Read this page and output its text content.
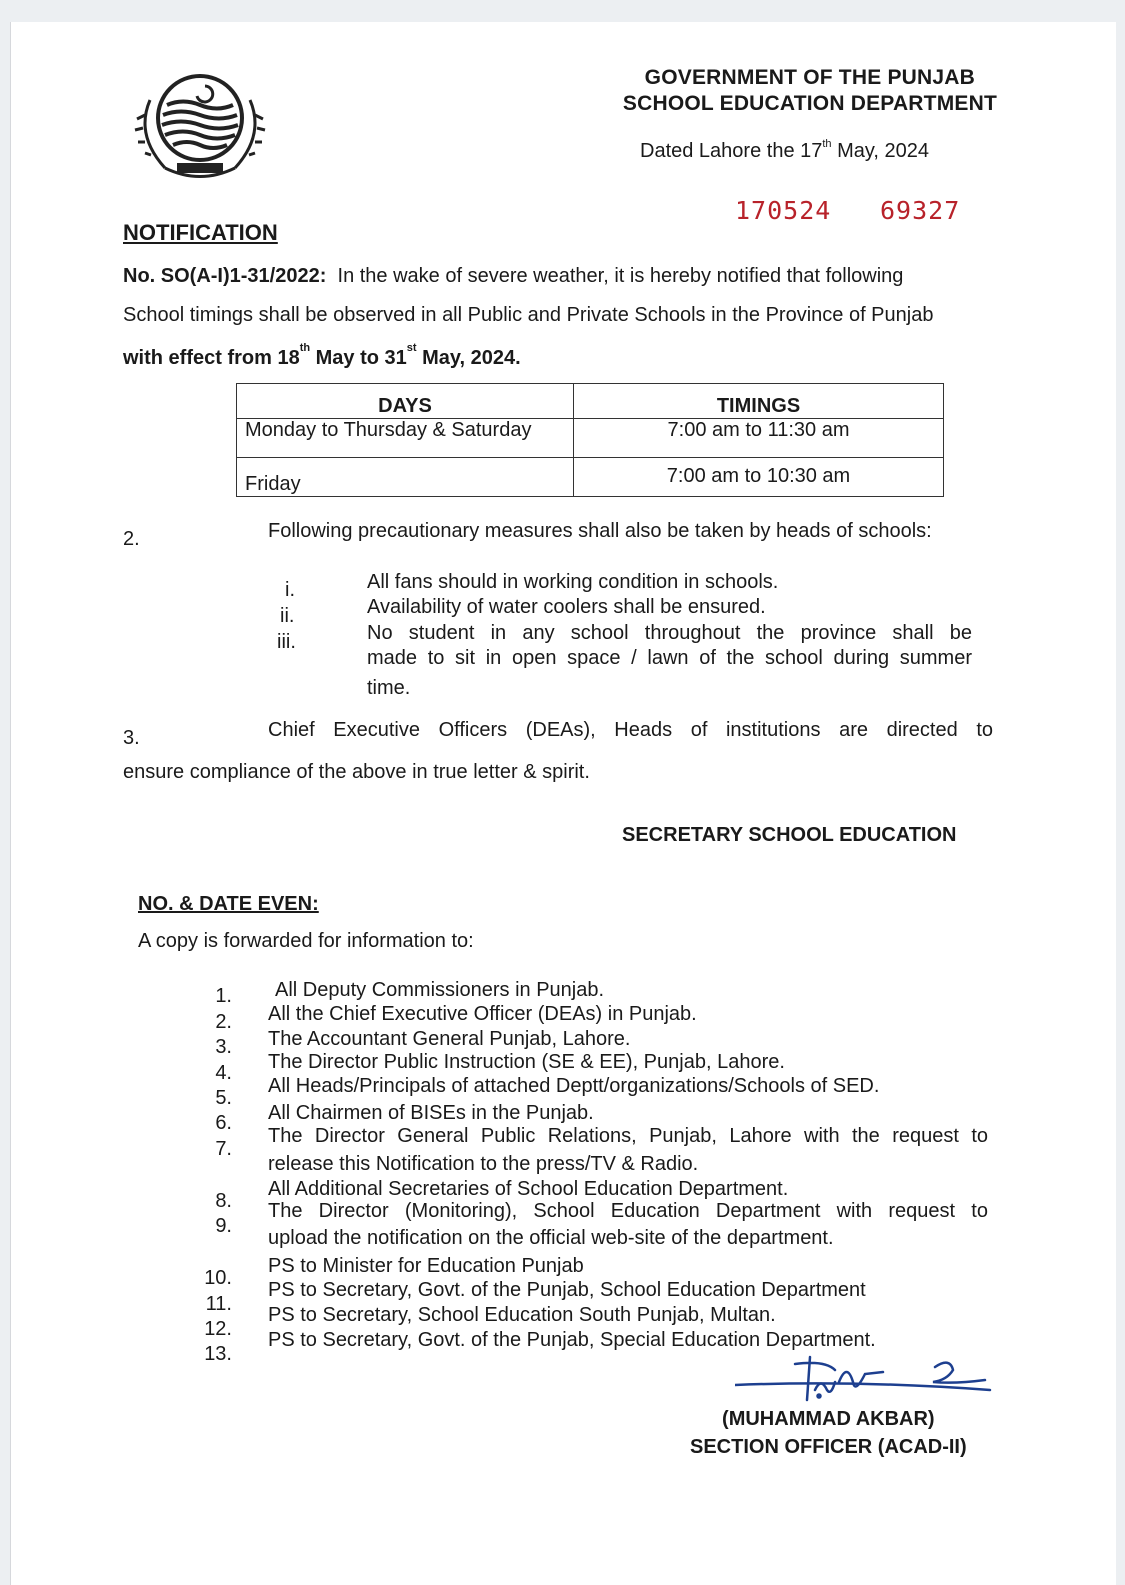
GOVERNMENT OF THE PUNJAB
SCHOOL EDUCATION DEPARTMENT
Dated Lahore the 17th May, 2024
170524 69327
NOTIFICATION
No. SO(A-I)1-31/2022: In the wake of severe weather, it is hereby notified that following
School timings shall be observed in all Public and Private Schools in the Province of Punjab
with effect from 18th May to 31st May, 2024.
DAYS	TIMINGS
Monday to Thursday & Saturday	7:00 am to 11:30 am
Friday	7:00 am to 10:30 am
2.	Following precautionary measures shall also be taken by heads of schools:
i.	All fans should in working condition in schools.
ii.	Availability of water coolers shall be ensured.
iii.	No student in any school throughout the province shall be
made to sit in open space / lawn of the school during summer
time.
3.	Chief Executive Officers (DEAs), Heads of institutions are directed to
ensure compliance of the above in true letter & spirit.
SECRETARY SCHOOL EDUCATION
NO. & DATE EVEN:
A copy is forwarded for information to:
1. All Deputy Commissioners in Punjab.
2. All the Chief Executive Officer (DEAs) in Punjab.
3. The Accountant General Punjab, Lahore.
4. The Director Public Instruction (SE & EE), Punjab, Lahore.
5.
All Heads/Principals of attached Deptt/organizations/Schools of SED.
6. All Chairmen of BISEs in the Punjab.
7.
The Director General Public Relations, Punjab, Lahore with the request to
release this Notification to the press/TV & Radio.
8.
All Additional Secretaries of School Education Department.
9.
The Director (Monitoring), School Education Department with request to
upload the notification on the official web-site of the department.
10.
PS to Minister for Education Punjab
11.
PS to Secretary, Govt. of the Punjab, School Education Department
12.
PS to Secretary, School Education South Punjab, Multan.
13.
PS to Secretary, Govt. of the Punjab, Special Education Department.
(MUHAMMAD AKBAR)
SECTION OFFICER (ACAD-II)
